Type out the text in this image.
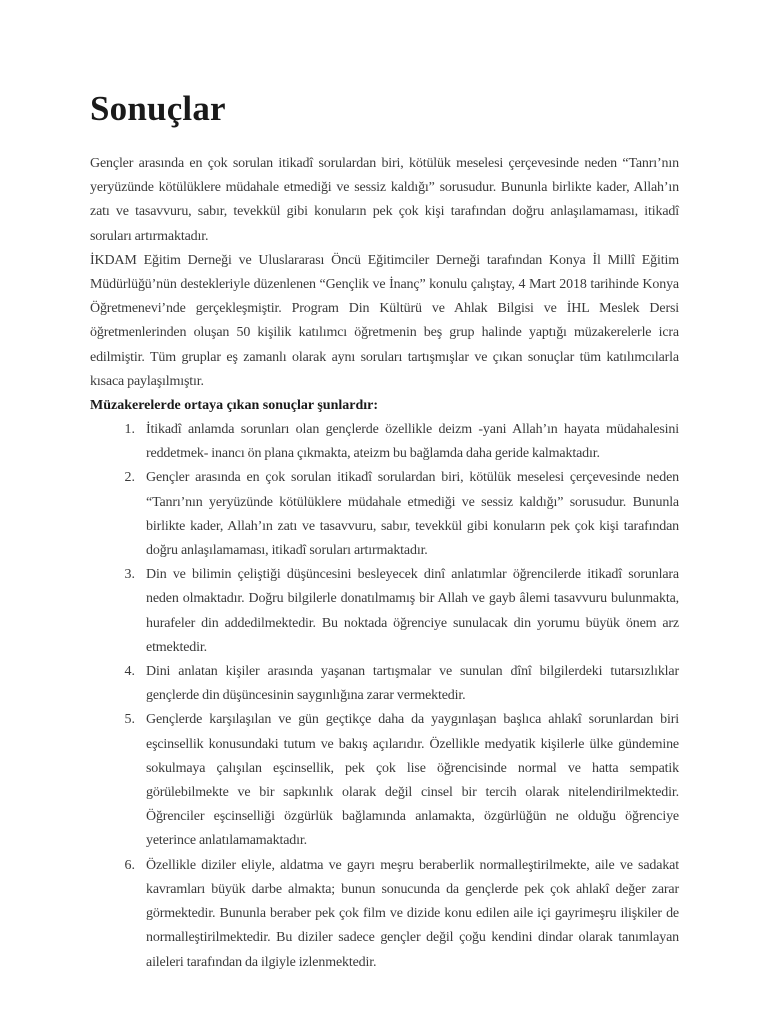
Sonuçlar

Gençler arasında en çok sorulan itikadî sorulardan biri, kötülük meselesi çerçevesinde neden “Tanrı’nın yeryüzünde kötülüklere müdahale etmediği ve sessiz kaldığı” sorusudur. Bununla birlikte kader, Allah’ın zatı ve tasavvuru, sabır, tevekkül gibi konuların pek çok kişi tarafından doğru anlaşılamaması, itikadî soruları artırmaktadır.

İKDAM Eğitim Derneği ve Uluslararası Öncü Eğitimciler Derneği tarafından Konya İl Millî Eğitim Müdürlüğü’nün destekleriyle düzenlenen “Gençlik ve İnanç” konulu çalıştay, 4 Mart 2018 tarihinde Konya Öğretmenevi’nde gerçekleşmiştir. Program Din Kültürü ve Ahlak Bilgisi ve İHL Meslek Dersi öğretmenlerinden oluşan 50 kişilik katılımcı öğretmenin beş grup halinde yaptığı müzakerelerle icra edilmiştir. Tüm gruplar eş zamanlı olarak aynı soruları tartışmışlar ve çıkan sonuçlar tüm katılımcılarla kısaca paylaşılmıştır.

Müzakerelerde ortaya çıkan sonuçlar şunlardır:

1. İtikadî anlamda sorunları olan gençlerde özellikle deizm -yani Allah’ın hayata müdahalesini reddetmek- inancı ön plana çıkmakta, ateizm bu bağlamda daha geride kalmaktadır.
2. Gençler arasında en çok sorulan itikadî sorulardan biri, kötülük meselesi çerçevesinde neden “Tanrı’nın yeryüzünde kötülüklere müdahale etmediği ve sessiz kaldığı” sorusudur. Bununla birlikte kader, Allah’ın zatı ve tasavvuru, sabır, tevekkül gibi konuların pek çok kişi tarafından doğru anlaşılamaması, itikadî soruları artırmaktadır.
3. Din ve bilimin çeliştiği düşüncesini besleyecek dinî anlatımlar öğrencilerde itikadî sorunlara neden olmaktadır. Doğru bilgilerle donatılmamış bir Allah ve gayb âlemi tasavvuru bulunmakta, hurafeler din addedilmektedir. Bu noktada öğrenciye sunulacak din yorumu büyük önem arz etmektedir.
4. Dini anlatan kişiler arasında yaşanan tartışmalar ve sunulan dînî bilgilerdeki tutarsızlıklar gençlerde din düşüncesinin saygınlığına zarar vermektedir.
5. Gençlerde karşılaşılan ve gün geçtikçe daha da yaygınlaşan başlıca ahlakî sorunlardan biri eşcinsellik konusundaki tutum ve bakış açılarıdır. Özellikle medyatik kişilerle ülke gündemine sokulmaya çalışılan eşcinsellik, pek çok lise öğrencisinde normal ve hatta sempatik görülebilmekte ve bir sapkınlık olarak değil cinsel bir tercih olarak nitelendirilmektedir. Öğrenciler eşcinselliği özgürlük bağlamında anlamakta, özgürlüğün ne olduğu öğrenciye yeterince anlatılamamaktadır.
6. Özellikle diziler eliyle, aldatma ve gayrı meşru beraberlik normalleştirilmekte, aile ve sadakat kavramları büyük darbe almakta; bunun sonucunda da gençlerde pek çok ahlakî değer zarar görmektedir. Bununla beraber pek çok film ve dizide konu edilen aile içi gayrimeşru ilişkiler de normalleştirilmektedir. Bu diziler sadece gençler değil çoğu kendini dindar olarak tanımlayan aileleri tarafından da ilgiyle izlenmektedir.
